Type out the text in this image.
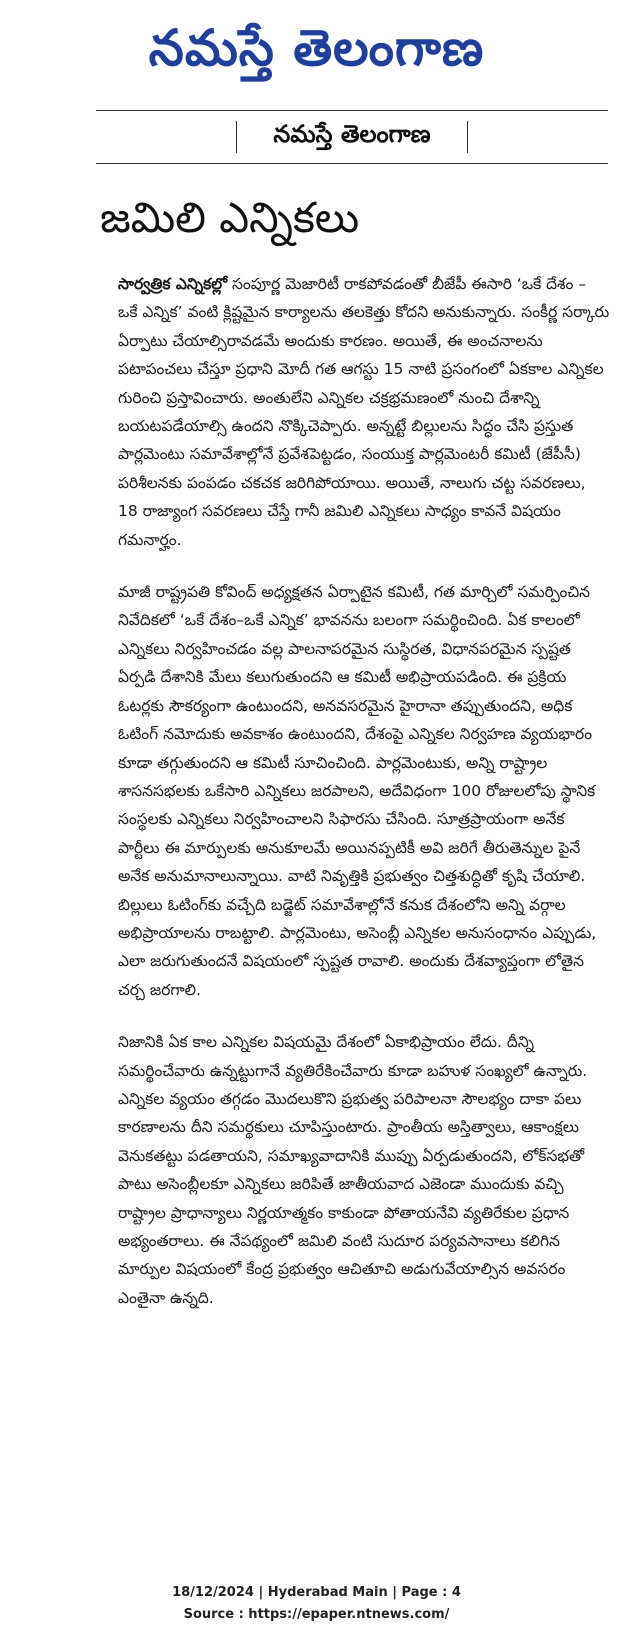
నమస్తే తెలంగాణ
నమస్తే తెలంగాణ
జమిలి ఎన్నికలు

సార్వత్రిక ఎన్నికల్లో సంపూర్ణ మెజారిటీ రాకపోవడంతో బీజేపీ ఈసారి ‘ఒకే దేశం – ఒకే ఎన్నిక’ వంటి క్లిష్టమైన కార్యాలను తలకెత్తు కోదని అనుకున్నారు. సంకీర్ణ సర్కారు ఏర్పాటు చేయాల్సిరావడమే అందుకు కారణం. అయితే, ఈ అంచనాలను పటాపంచలు చేస్తూ ప్రధాని మోదీ గత ఆగస్టు 15 నాటి ప్రసంగంలో ఏకకాల ఎన్నికల గురించి ప్రస్తావించారు. అంతులేని ఎన్నికల చక్రభ్రమణంలో నుంచి దేశాన్ని బయటపడేయాల్సి ఉందని నొక్కిచెప్పారు. అన్నట్టే బిల్లులను సిద్ధం చేసి ప్రస్తుత పార్లమెంటు సమావేశాల్లోనే ప్రవేశపెట్టడం, సంయుక్త పార్లమెంటరీ కమిటీ (జేపీసీ) పరిశీలనకు పంపడం చకచక జరిగిపోయాయి. అయితే, నాలుగు చట్ట సవరణలు, 18 రాజ్యాంగ సవరణలు చేస్తే గానీ జమిలి ఎన్నికలు సాధ్యం కావనే విషయం గమనార్హం.

మాజీ రాష్ట్రపతి కోవింద్ అధ్యక్షతన ఏర్పాటైన కమిటీ, గత మార్చిలో సమర్పించిన నివేదికలో ‘ఒకే దేశం–ఒకే ఎన్నిక’ భావనను బలంగా సమర్థించింది. ఏక కాలంలో ఎన్నికలు నిర్వహించడం వల్ల పాలనాపరమైన సుస్థిరత, విధానపరమైన స్పష్టత ఏర్పడి దేశానికి మేలు కలుగుతుందని ఆ కమిటీ అభిప్రాయపడింది. ఈ ప్రక్రియ ఓటర్లకు సౌకర్యంగా ఉంటుందని, అనవసరమైన హైరానా తప్పుతుందని, అధిక ఓటింగ్ నమోదుకు అవకాశం ఉంటుందని, దేశంపై ఎన్నికల నిర్వహణ వ్యయభారం కూడా తగ్గుతుందని ఆ కమిటీ సూచించింది. పార్లమెంటుకు, అన్ని రాష్ట్రాల శాసనసభలకు ఒకేసారి ఎన్నికలు జరపాలని, అదేవిధంగా 100 రోజులలోపు స్థానిక సంస్థలకు ఎన్నికలు నిర్వహించాలని సిఫారసు చేసింది. సూత్రప్రాయంగా అనేక పార్టీలు ఈ మార్పులకు అనుకూలమే అయినప్పటికీ అవి జరిగే తీరుతెన్నుల పైనే అనేక అనుమానాలున్నాయి. వాటి నివృత్తికి ప్రభుత్వం చిత్తశుద్ధితో కృషి చేయాలి. బిల్లులు ఓటింగ్‌కు వచ్చేది బడ్జెట్ సమావేశాల్లోనే కనుక దేశంలోని అన్ని వర్గాల అభిప్రాయాలను రాబట్టాలి. పార్లమెంటు, అసెంబ్లీ ఎన్నికల అనుసంధానం ఎప్పుడు, ఎలా జరుగుతుందనే విషయంలో స్పష్టత రావాలి. అందుకు దేశవ్యాప్తంగా లోతైన చర్చ జరగాలి.

నిజానికి ఏక కాల ఎన్నికల విషయమై దేశంలో ఏకాభిప్రాయం లేదు. దీన్ని సమర్థించేవారు ఉన్నట్టుగానే వ్యతిరేకించేవారు కూడా బహుళ సంఖ్యలో ఉన్నారు. ఎన్నికల వ్యయం తగ్గడం మొదలుకొని ప్రభుత్వ పరిపాలనా సౌలభ్యం దాకా పలు కారణాలను దీని సమర్థకులు చూపిస్తుంటారు. ప్రాంతీయ అస్తిత్వాలు, ఆకాంక్షలు వెనుకతట్టు పడతాయని, సమాఖ్యవాదానికి ముప్పు ఏర్పడుతుందని, లోక్‌సభతో పాటు అసెంబ్లీలకూ ఎన్నికలు జరిపితే జాతీయవాద ఎజెండా ముందుకు వచ్చి రాష్ట్రాల ప్రాధాన్యాలు నిర్ణయాత్మకం కాకుండా పోతాయనేవి వ్యతిరేకుల ప్రధాన అభ్యంతరాలు. ఈ నేపథ్యంలో జమిలి వంటి సుదూర పర్యవసానాలు కలిగిన మార్పుల విషయంలో కేంద్ర ప్రభుత్వం ఆచితూచి అడుగువేయాల్సిన అవసరం ఎంతైనా ఉన్నది.

18/12/2024 | Hyderabad Main | Page : 4

Source : https://epaper.ntnews.com/
